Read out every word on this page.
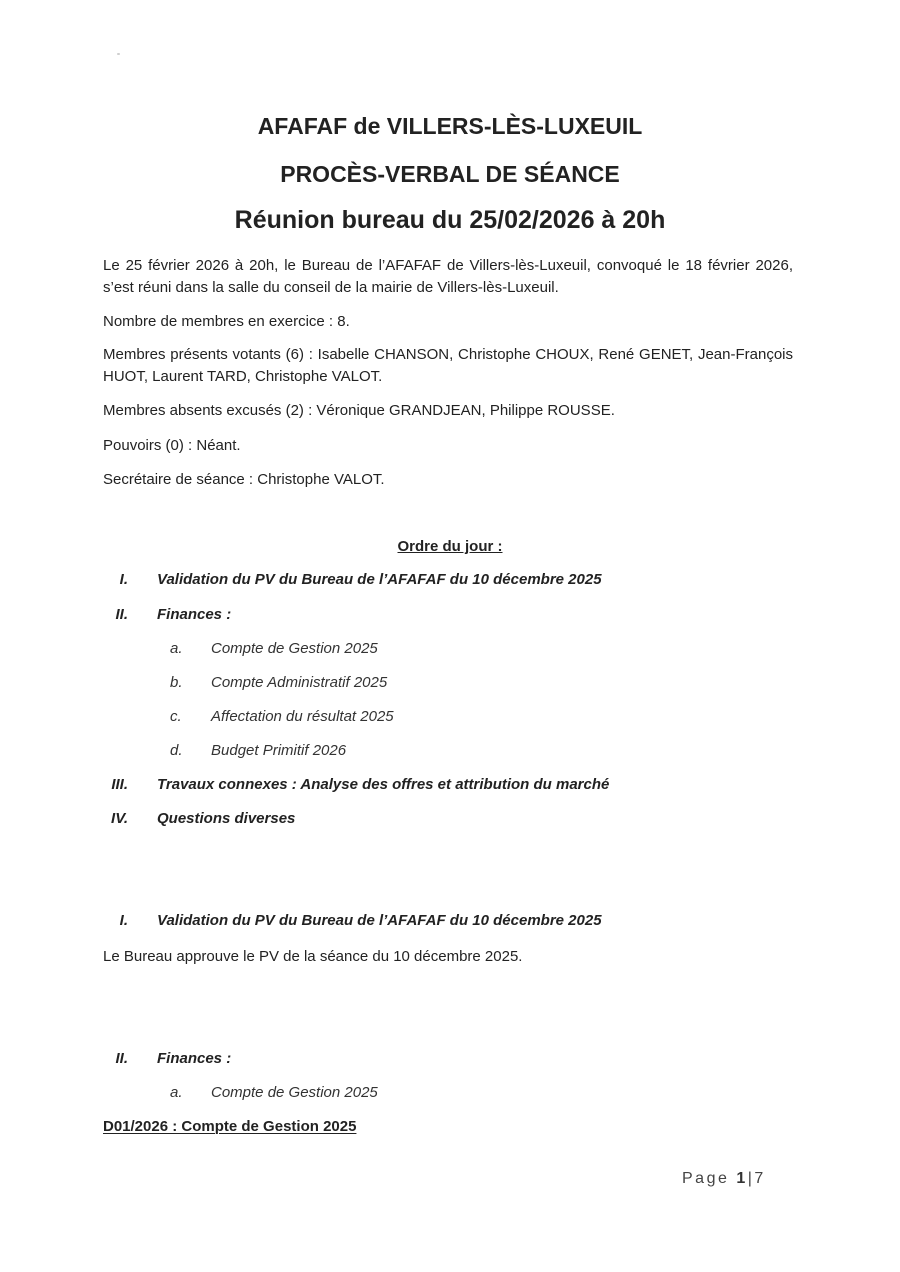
AFAFAF de VILLERS-LÈS-LUXEUIL
PROCÈS-VERBAL DE SÉANCE
Réunion bureau du 25/02/2026 à 20h
Le 25 février 2026 à 20h, le Bureau de l’AFAFAF de Villers-lès-Luxeuil, convoqué le 18 février 2026, s’est réuni dans la salle du conseil de la mairie de Villers-lès-Luxeuil.
Nombre de membres en exercice : 8.
Membres présents votants (6) : Isabelle CHANSON, Christophe CHOUX, René GENET, Jean-François HUOT, Laurent TARD, Christophe VALOT.
Membres absents excusés (2) : Véronique GRANDJEAN, Philippe ROUSSE.
Pouvoirs (0) : Néant.
Secrétaire de séance : Christophe VALOT.
Ordre du jour :
I. Validation du PV du Bureau de l’AFAFAF du 10 décembre 2025
II. Finances :
a. Compte de Gestion 2025
b. Compte Administratif 2025
c. Affectation du résultat 2025
d. Budget Primitif 2026
III. Travaux connexes : Analyse des offres et attribution du marché
IV. Questions diverses
I. Validation du PV du Bureau de l’AFAFAF du 10 décembre 2025
Le Bureau approuve le PV de la séance du 10 décembre 2025.
II. Finances :
a. Compte de Gestion 2025
D01/2026 : Compte de Gestion 2025
Page 1|7
